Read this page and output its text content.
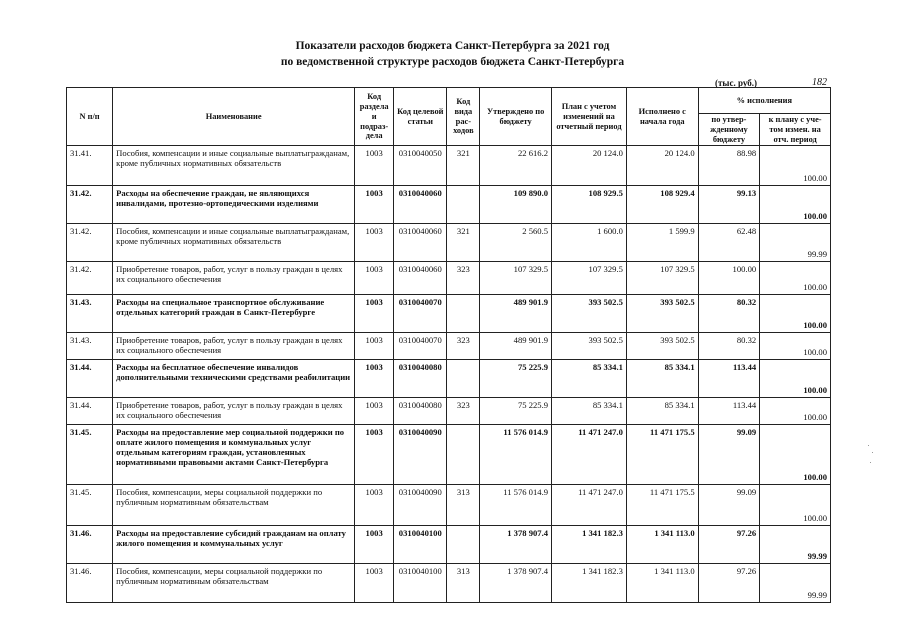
Показатели расходов бюджета Санкт-Петербурга за 2021 год
по ведомственной структуре расходов бюджета Санкт-Петербурга
(тыс. руб.)	182
N п/п	Наименование	Код раздела и подраз-дела	Код целевой статьи	Код вида рас-ходов	Утверждено по бюджету	План с учетом изменений на отчетный период	Исполнено с начала года	% исполнения	
								по утвер-жденному бюджету	к плану с уче-том измен. на отч. период
31.41.	Пособия, компенсации и иные социальные выплатыгражданам, кроме публичных нормативных обязательств	1003	0310040050	321	22 616.2	20 124.0	20 124.0	88.98	100.00
31.42.	Расходы на обеспечение граждан, не являющихся инвалидами, протезно-ортопедическими изделиями	1003	0310040060		109 890.0	108 929.5	108 929.4	99.13	100.00
31.42.	Пособия, компенсации и иные социальные выплатыгражданам, кроме публичных нормативных обязательств	1003	0310040060	321	2 560.5	1 600.0	1 599.9	62.48	99.99
31.42.	Приобретение товаров, работ, услуг в пользу граждан в целях их социального обеспечения	1003	0310040060	323	107 329.5	107 329.5	107 329.5	100.00	100.00
31.43.	Расходы на специальное транспортное обслуживание отдельных категорий граждан в Санкт-Петербурге	1003	0310040070		489 901.9	393 502.5	393 502.5	80.32	100.00
31.43.	Приобретение товаров, работ, услуг в пользу граждан в целях их социального обеспечения	1003	0310040070	323	489 901.9	393 502.5	393 502.5	80.32	100.00
31.44.	Расходы на бесплатное обеспечение инвалидов дополнительными техническими средствами реабилитации	1003	0310040080		75 225.9	85 334.1	85 334.1	113.44	100.00
31.44.	Приобретение товаров, работ, услуг в пользу граждан в целях их социального обеспечения	1003	0310040080	323	75 225.9	85 334.1	85 334.1	113.44	100.00
31.45.	Расходы на предоставление мер социальной поддержки по оплате жилого помещения и коммунальных услуг отдельным категориям граждан, установленных нормативными правовыми актами Санкт-Петербурга	1003	0310040090		11 576 014.9	11 471 247.0	11 471 175.5	99.09	100.00
31.45.	Пособия, компенсации, меры социальной поддержки по публичным нормативным обязательствам	1003	0310040090	313	11 576 014.9	11 471 247.0	11 471 175.5	99.09	100.00
31.46.	Расходы на предоставление субсидий гражданам на оплату жилого помещения и коммунальных услуг	1003	0310040100		1 378 907.4	1 341 182.3	1 341 113.0	97.26	99.99
31.46.	Пособия, компенсации, меры социальной поддержки по публичным нормативным обязательствам	1003	0310040100	313	1 378 907.4	1 341 182.3	1 341 113.0	97.26	99.99
